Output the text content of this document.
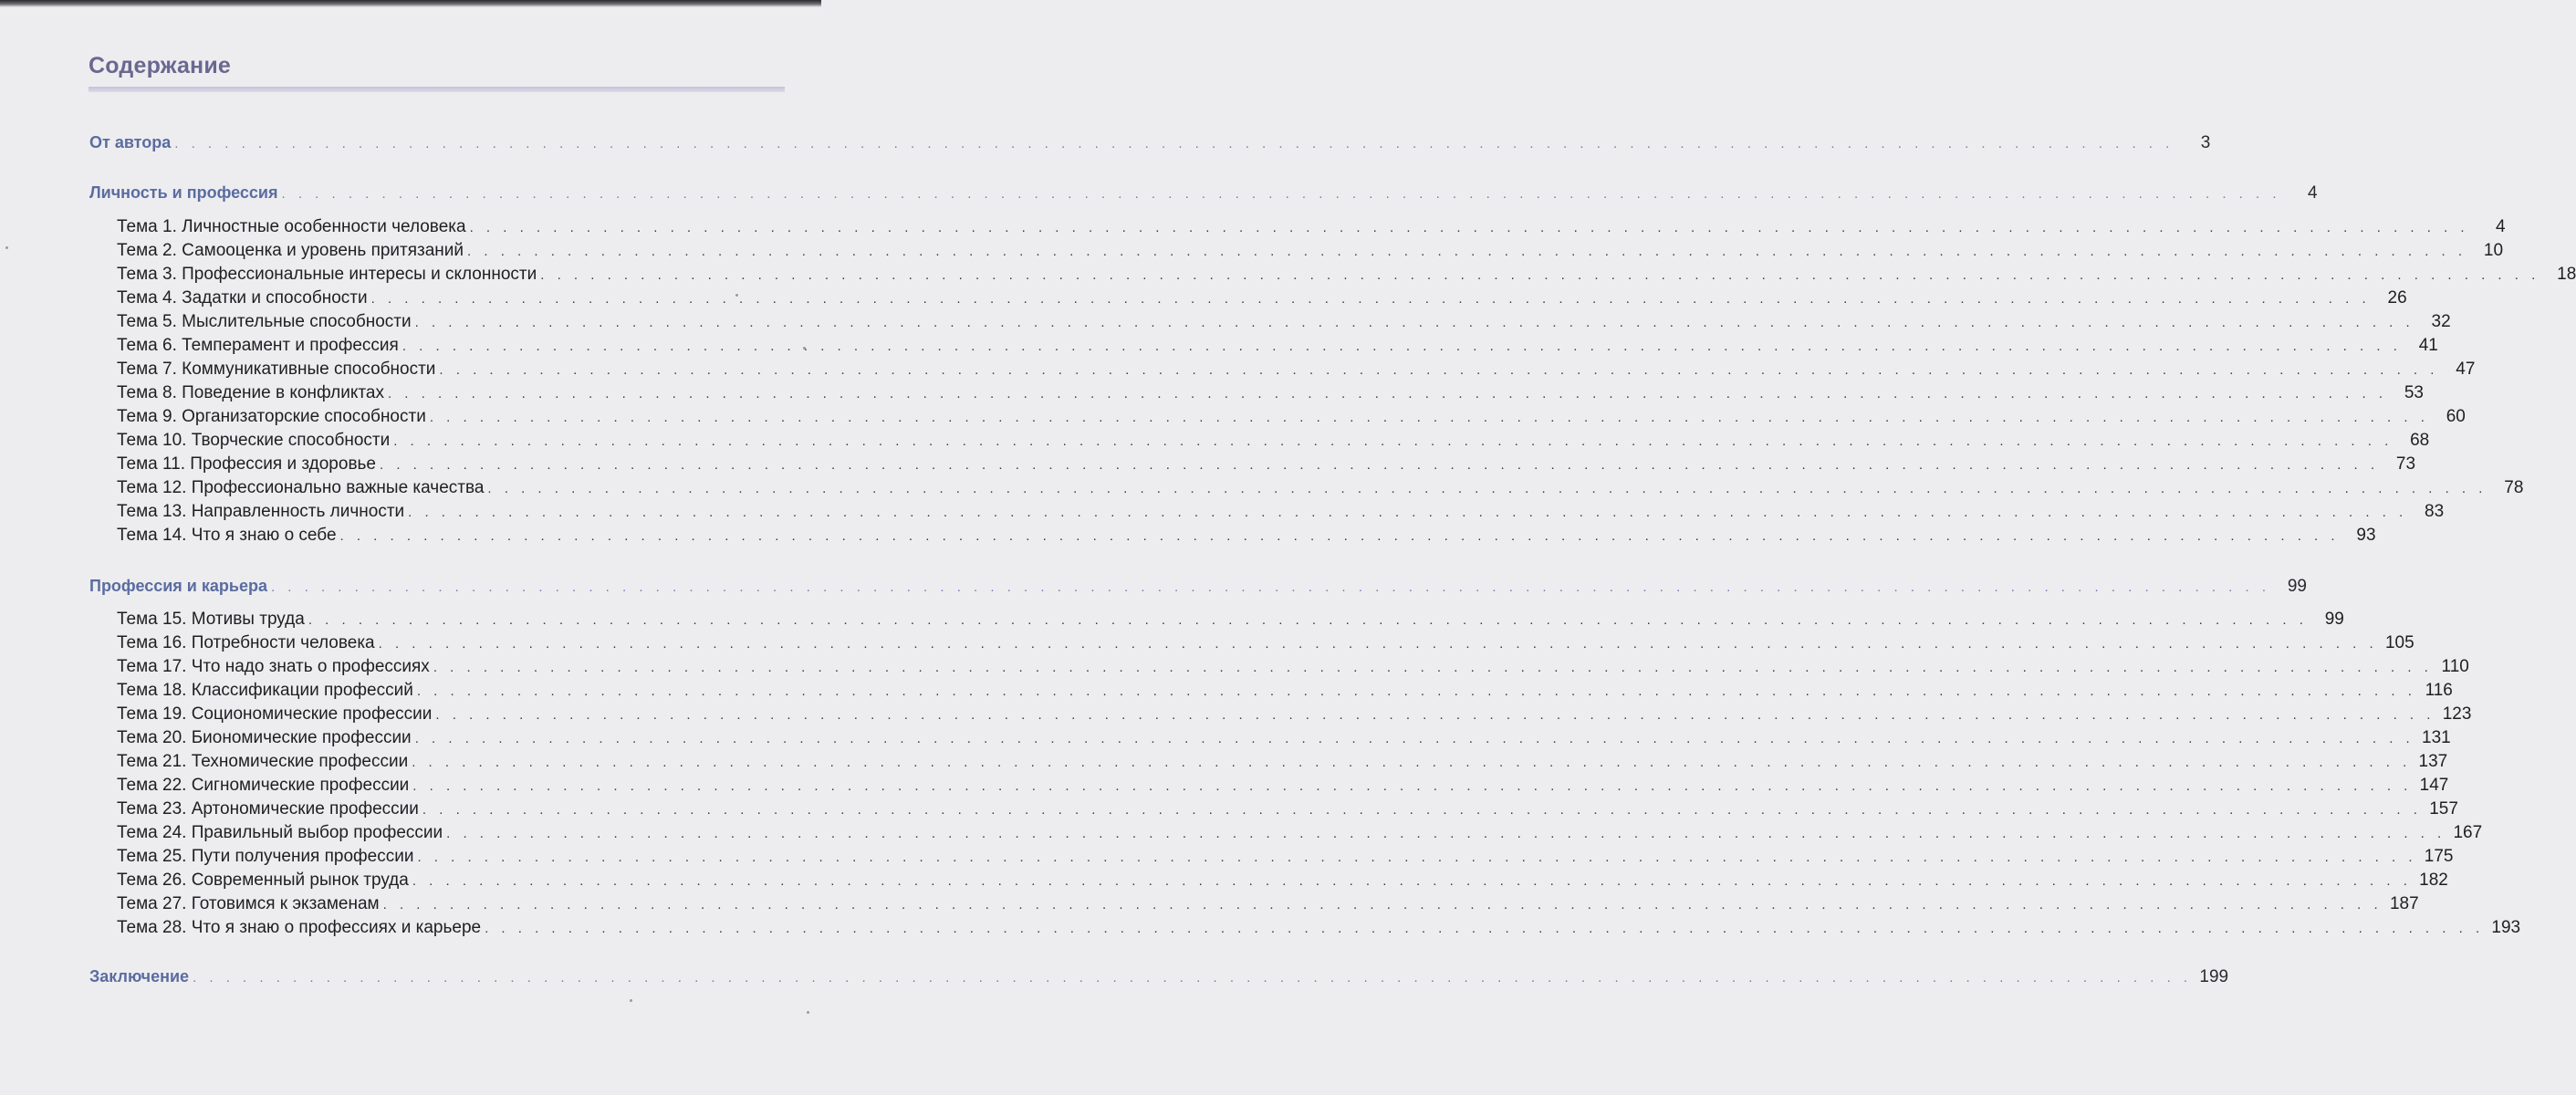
Содержание
От автора . . . . . . . . . . . . . . . . . . . . . . . . . . . . . . . . . . . . . . . . . . . . . . . . . . . . . . . . . . . . . . . . . . . . . . . . . . . . . . . . . . . . . . . . . . . . . . . . . . . . . . . . . . . . . . . . . . . . . . . .	3
Личность и профессия . . . . . . . . . . . . . . . . . . . . . . . . . . . . . . . . . . . . . . . . . . . . . . . . . . . . . . . . . . . . . . . . . . . . . . . . . . . . . . . . . . . . . . . . . . . . . . . . . . . . . . . . . . . . . . . . . . . . . . . .	4
Тема 1. Личностные особенности человека . . . . . . . . . . . . . . . . . . . . . . . . . . . . . . . . . . . . . . . . . . . . . . . . . . . . . . . . . . . . . . . . . . . . . . . . . . . . . . . . . . . . . . . . . . . . . . . . . . . . . . . . . . . . . . . . . . . . . . . .	4
Тема 2. Самооценка и уровень притязаний . . . . . . . . . . . . . . . . . . . . . . . . . . . . . . . . . . . . . . . . . . . . . . . . . . . . . . . . . . . . . . . . . . . . . . . . . . . . . . . . . . . . . . . . . . . . . . . . . . . . . . . . . . . . . . . . . . . . . . . . 10
Тема 3. Профессиональные интересы и склонности . . . . . . . . . . . . . . . . . . . . . . . . . . . . . . . . . . . . . . . . . . . . . . . . . . . . . . . . . . . . . . . . . . . . . . . . . . . . . . . . . . . . . . . . . . . . . . . . . . . . . . . . . . . . . . . . . . . . . . . . 18
Тема 4. Задатки и способности . . . . . . . . . . . . . . . . . . . . . . . . . . . . . . . . . . . . . . . . . . . . . . . . . . . . . . . . . . . . . . . . . . . . . . . . . . . . . . . . . . . . . . . . . . . . . . . . . . . . . . . . . . . . . . . . . . . . . . . . 26
Тема 5. Мыслительные способности . . . . . . . . . . . . . . . . . . . . . . . . . . . . . . . . . . . . . . . . . . . . . . . . . . . . . . . . . . . . . . . . . . . . . . . . . . . . . . . . . . . . . . . . . . . . . . . . . . . . . . . . . . . . . . . . . . . . . . . . 32
Тема 6. Темперамент и профессия . . . . . . . . . . . . . . . . . . . . . . . . . . . . . . . . . . . . . . . . . . . . . . . . . . . . . . . . . . . . . . . . . . . . . . . . . . . . . . . . . . . . . . . . . . . . . . . . . . . . . . . . . . . . . . . . . . . . . . . . 41
Тема 7. Коммуникативные способности . . . . . . . . . . . . . . . . . . . . . . . . . . . . . . . . . . . . . . . . . . . . . . . . . . . . . . . . . . . . . . . . . . . . . . . . . . . . . . . . . . . . . . . . . . . . . . . . . . . . . . . . . . . . . . . . . . . . . . . . 47
Тема 8. Поведение в конфликтах . . . . . . . . . . . . . . . . . . . . . . . . . . . . . . . . . . . . . . . . . . . . . . . . . . . . . . . . . . . . . . . . . . . . . . . . . . . . . . . . . . . . . . . . . . . . . . . . . . . . . . . . . . . . . . . . . . . . . . . . 53
Тема 9. Организаторские способности . . . . . . . . . . . . . . . . . . . . . . . . . . . . . . . . . . . . . . . . . . . . . . . . . . . . . . . . . . . . . . . . . . . . . . . . . . . . . . . . . . . . . . . . . . . . . . . . . . . . . . . . . . . . . . . . . . . . . . . . 60
Тема 10. Творческие способности . . . . . . . . . . . . . . . . . . . . . . . . . . . . . . . . . . . . . . . . . . . . . . . . . . . . . . . . . . . . . . . . . . . . . . . . . . . . . . . . . . . . . . . . . . . . . . . . . . . . . . . . . . . . . . . . . . . . . . . . 68
Тема 11. Профессия и здоровье . . . . . . . . . . . . . . . . . . . . . . . . . . . . . . . . . . . . . . . . . . . . . . . . . . . . . . . . . . . . . . . . . . . . . . . . . . . . . . . . . . . . . . . . . . . . . . . . . . . . . . . . . . . . . . . . . . . . . . . . 73
Тема 12. Профессионально важные качества . . . . . . . . . . . . . . . . . . . . . . . . . . . . . . . . . . . . . . . . . . . . . . . . . . . . . . . . . . . . . . . . . . . . . . . . . . . . . . . . . . . . . . . . . . . . . . . . . . . . . . . . . . . . . . . . . . . . . . . . 78
Тема 13. Направленность личности . . . . . . . . . . . . . . . . . . . . . . . . . . . . . . . . . . . . . . . . . . . . . . . . . . . . . . . . . . . . . . . . . . . . . . . . . . . . . . . . . . . . . . . . . . . . . . . . . . . . . . . . . . . . . . . . . . . . . . . . 83
Тема 14. Что я знаю о себе . . . . . . . . . . . . . . . . . . . . . . . . . . . . . . . . . . . . . . . . . . . . . . . . . . . . . . . . . . . . . . . . . . . . . . . . . . . . . . . . . . . . . . . . . . . . . . . . . . . . . . . . . . . . . . . . . . . . . . . . 93
Профессия и карьера . . . . . . . . . . . . . . . . . . . . . . . . . . . . . . . . . . . . . . . . . . . . . . . . . . . . . . . . . . . . . . . . . . . . . . . . . . . . . . . . . . . . . . . . . . . . . . . . . . . . . . . . . . . . . . . . . . . . . . . . 99
Тема 15. Мотивы труда . . . . . . . . . . . . . . . . . . . . . . . . . . . . . . . . . . . . . . . . . . . . . . . . . . . . . . . . . . . . . . . . . . . . . . . . . . . . . . . . . . . . . . . . . . . . . . . . . . . . . . . . . . . . . . . . . . . . . . . . 99
Тема 16. Потребности человека . . . . . . . . . . . . . . . . . . . . . . . . . . . . . . . . . . . . . . . . . . . . . . . . . . . . . . . . . . . . . . . . . . . . . . . . . . . . . . . . . . . . . . . . . . . . . . . . . . . . . . . . . . . . . . . . . . . . . . . . 105
Тема 17. Что надо знать о профессиях . . . . . . . . . . . . . . . . . . . . . . . . . . . . . . . . . . . . . . . . . . . . . . . . . . . . . . . . . . . . . . . . . . . . . . . . . . . . . . . . . . . . . . . . . . . . . . . . . . . . . . . . . . . . . . . . . . . . . . . . 110
Тема 18. Классификации профессий . . . . . . . . . . . . . . . . . . . . . . . . . . . . . . . . . . . . . . . . . . . . . . . . . . . . . . . . . . . . . . . . . . . . . . . . . . . . . . . . . . . . . . . . . . . . . . . . . . . . . . . . . . . . . . . . . . . . . . . . 116
Тема 19. Социономические профессии . . . . . . . . . . . . . . . . . . . . . . . . . . . . . . . . . . . . . . . . . . . . . . . . . . . . . . . . . . . . . . . . . . . . . . . . . . . . . . . . . . . . . . . . . . . . . . . . . . . . . . . . . . . . . . . . . . . . . . . . 123
Тема 20. Биономические профессии . . . . . . . . . . . . . . . . . . . . . . . . . . . . . . . . . . . . . . . . . . . . . . . . . . . . . . . . . . . . . . . . . . . . . . . . . . . . . . . . . . . . . . . . . . . . . . . . . . . . . . . . . . . . . . . . . . . . . . . . 131
Тема 21. Техномические профессии . . . . . . . . . . . . . . . . . . . . . . . . . . . . . . . . . . . . . . . . . . . . . . . . . . . . . . . . . . . . . . . . . . . . . . . . . . . . . . . . . . . . . . . . . . . . . . . . . . . . . . . . . . . . . . . . . . . . . . . . 137
Тема 22. Сигномические профессии . . . . . . . . . . . . . . . . . . . . . . . . . . . . . . . . . . . . . . . . . . . . . . . . . . . . . . . . . . . . . . . . . . . . . . . . . . . . . . . . . . . . . . . . . . . . . . . . . . . . . . . . . . . . . . . . . . . . . . . . 147
Тема 23. Артономические профессии . . . . . . . . . . . . . . . . . . . . . . . . . . . . . . . . . . . . . . . . . . . . . . . . . . . . . . . . . . . . . . . . . . . . . . . . . . . . . . . . . . . . . . . . . . . . . . . . . . . . . . . . . . . . . . . . . . . . . . . . 157
Тема 24. Правильный выбор профессии . . . . . . . . . . . . . . . . . . . . . . . . . . . . . . . . . . . . . . . . . . . . . . . . . . . . . . . . . . . . . . . . . . . . . . . . . . . . . . . . . . . . . . . . . . . . . . . . . . . . . . . . . . . . . . . . . . . . . . . . 167
Тема 25. Пути получения профессии . . . . . . . . . . . . . . . . . . . . . . . . . . . . . . . . . . . . . . . . . . . . . . . . . . . . . . . . . . . . . . . . . . . . . . . . . . . . . . . . . . . . . . . . . . . . . . . . . . . . . . . . . . . . . . . . . . . . . . . . 175
Тема 26. Современный рынок труда . . . . . . . . . . . . . . . . . . . . . . . . . . . . . . . . . . . . . . . . . . . . . . . . . . . . . . . . . . . . . . . . . . . . . . . . . . . . . . . . . . . . . . . . . . . . . . . . . . . . . . . . . . . . . . . . . . . . . . . . 182
Тема 27. Готовимся к экзаменам . . . . . . . . . . . . . . . . . . . . . . . . . . . . . . . . . . . . . . . . . . . . . . . . . . . . . . . . . . . . . . . . . . . . . . . . . . . . . . . . . . . . . . . . . . . . . . . . . . . . . . . . . . . . . . . . . . . . . . . . 187
Тема 28. Что я знаю о профессиях и карьере . . . . . . . . . . . . . . . . . . . . . . . . . . . . . . . . . . . . . . . . . . . . . . . . . . . . . . . . . . . . . . . . . . . . . . . . . . . . . . . . . . . . . . . . . . . . . . . . . . . . . . . . . . . . . . . . . . . . . . . . 193
Заключение . . . . . . . . . . . . . . . . . . . . . . . . . . . . . . . . . . . . . . . . . . . . . . . . . . . . . . . . . . . . . . . . . . . . . . . . . . . . . . . . . . . . . . . . . . . . . . . . . . . . . . . . . . . . . . . . . . . . . . . . 199
